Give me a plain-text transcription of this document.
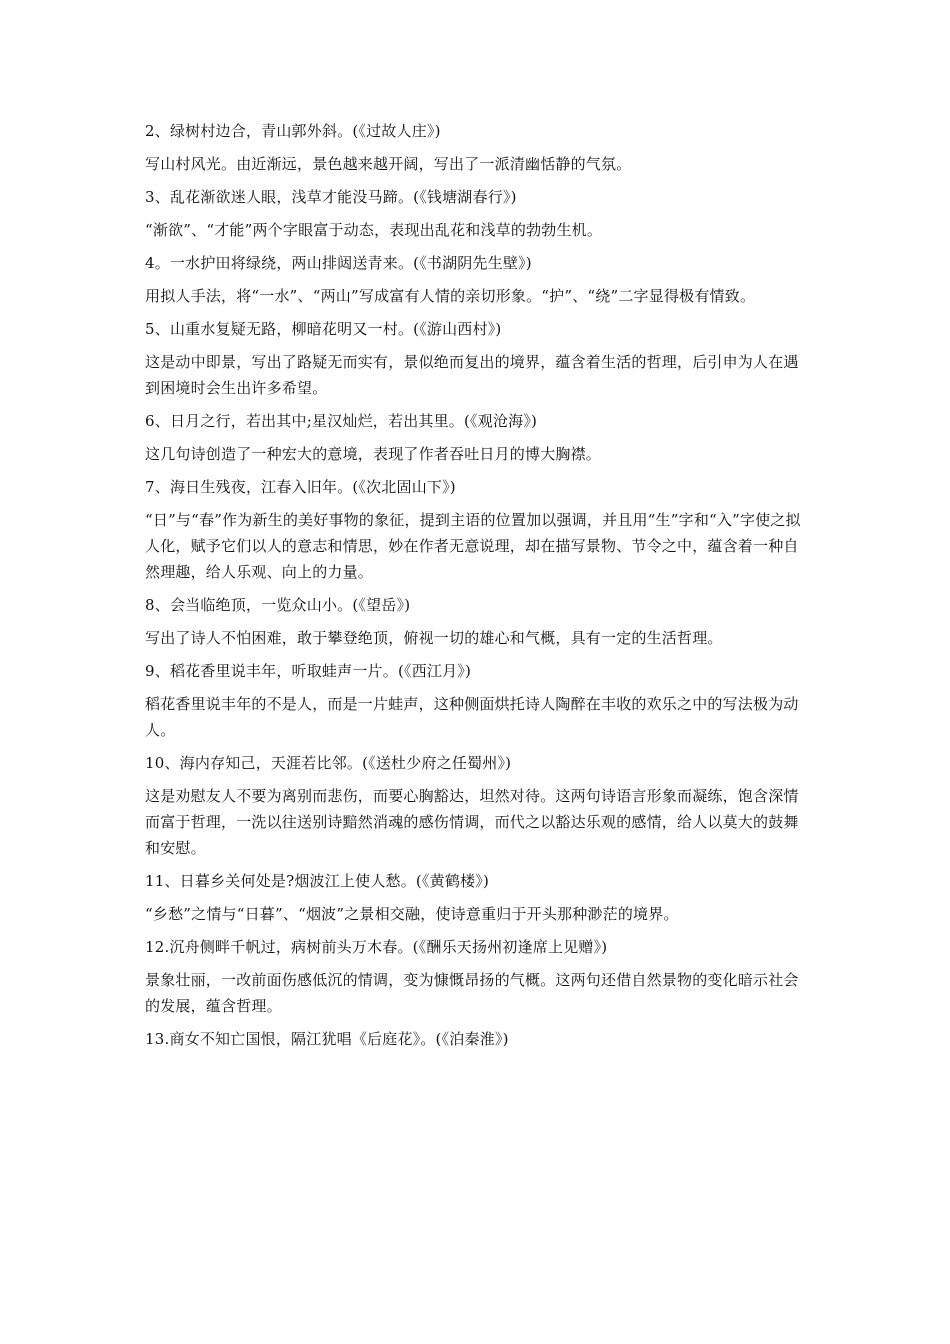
2、绿树村边合，青山郭外斜。(《过故人庄》)

写山村风光。由近渐远，景色越来越开阔，写出了一派清幽恬静的气氛。

3、乱花渐欲迷人眼，浅草才能没马蹄。(《钱塘湖春行》)

“渐欲”、“才能”两个字眼富于动态，表现出乱花和浅草的勃勃生机。

4。一水护田将绿绕，两山排闼送青来。(《书湖阴先生壁》)

用拟人手法，将“一水”、“两山”写成富有人情的亲切形象。“护”、“绕”二字显得极有情致。

5、山重水复疑无路，柳暗花明又一村。(《游山西村》)

这是动中即景，写出了路疑无而实有，景似绝而复出的境界，蕴含着生活的哲理，后引申为人在遇到困境时会生出许多希望。

6、日月之行，若出其中;星汉灿烂，若出其里。(《观沧海》)

这几句诗创造了一种宏大的意境，表现了作者吞吐日月的博大胸襟。

7、海日生残夜，江春入旧年。(《次北固山下》)

“日”与“春”作为新生的美好事物的象征，提到主语的位置加以强调，并且用“生”字和“入”字使之拟人化，赋予它们以人的意志和情思，妙在作者无意说理，却在描写景物、节令之中，蕴含着一种自然理趣，给人乐观、向上的力量。

8、会当临绝顶，一览众山小。(《望岳》)

写出了诗人不怕困难，敢于攀登绝顶，俯视一切的雄心和气概，具有一定的生活哲理。

9、稻花香里说丰年，听取蛙声一片。(《西江月》)

稻花香里说丰年的不是人，而是一片蛙声，这种侧面烘托诗人陶醉在丰收的欢乐之中的写法极为动人。

10、海内存知己，天涯若比邻。(《送杜少府之任蜀州》)

这是劝慰友人不要为离别而悲伤，而要心胸豁达，坦然对待。这两句诗语言形象而凝练，饱含深情而富于哲理，一洗以往送别诗黯然消魂的感伤情调，而代之以豁达乐观的感情，给人以莫大的鼓舞和安慰。

11、日暮乡关何处是?烟波江上使人愁。(《黄鹤楼》)

“乡愁”之情与“日暮”、“烟波”之景相交融，使诗意重归于开头那种渺茫的境界。

12.沉舟侧畔千帆过，病树前头万木春。(《酬乐天扬州初逢席上见赠》)

景象壮丽，一改前面伤感低沉的情调，变为慷慨昂扬的气概。这两句还借自然景物的变化暗示社会的发展，蕴含哲理。

13.商女不知亡国恨，隔江犹唱《后庭花》。(《泊秦淮》)
